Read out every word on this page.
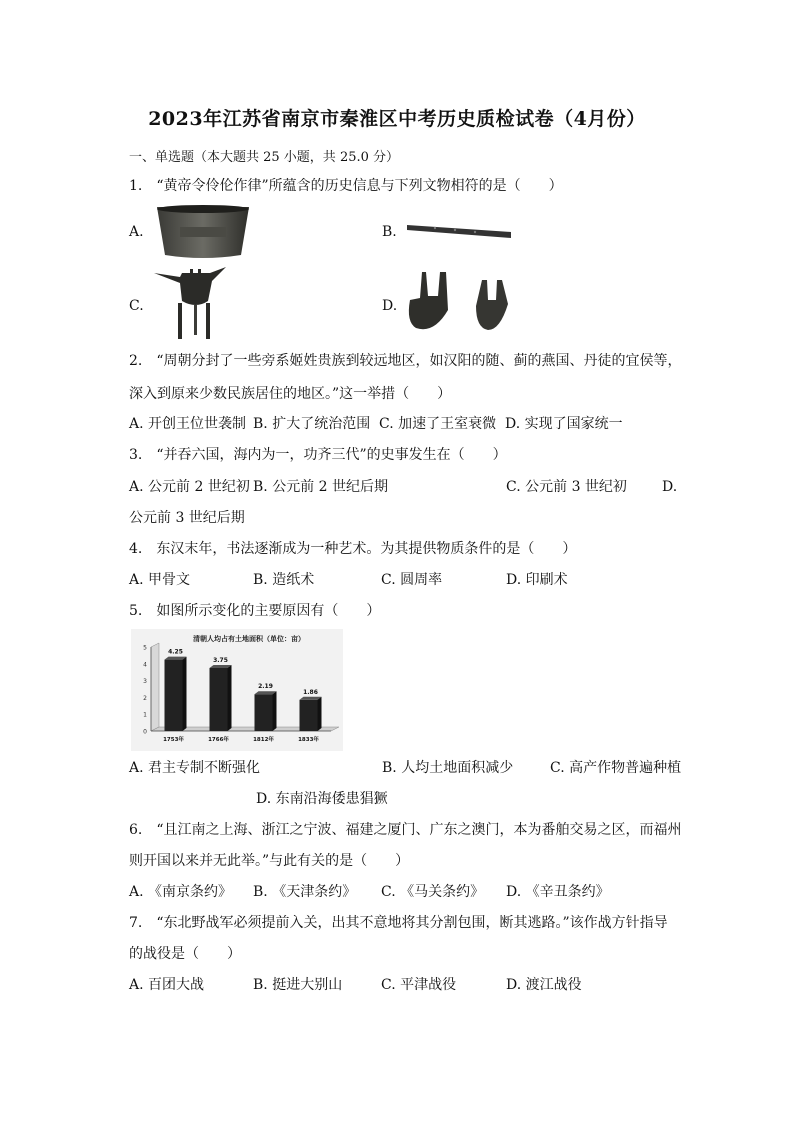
2023年江苏省南京市秦淮区中考历史质检试卷（4月份）
一、单选题（本大题共 25 小题，共 25.0 分）
1.　“黄帝令伶伦作律”所蕴含的历史信息与下列文物相符的是（　　）
A.	B.
C.	D.
2.　“周朝分封了一些旁系姬姓贵族到较远地区，如汉阳的随、蓟的燕国、丹徒的宜侯等，
深入到原来少数民族居住的地区。”这一举措（　　）
A. 开创王位世袭制 B. 扩大了统治范围 C. 加速了王室衰微 D. 实现了国家统一
3.　“并吞六国，海内为一，功齐三代”的史事发生在（　　）
A. 公元前 2 世纪初 B. 公元前 2 世纪后期	C. 公元前 3 世纪初	D.
公元前 3 世纪后期
4.　东汉末年，书法逐渐成为一种艺术。为其提供物质条件的是（　　）
A. 甲骨文	B. 造纸术	C. 圆周率	D. 印刷术
5.　如图所示变化的主要原因有（　　）
清朝人均占有土地面积（单位：亩）
0
1
2
3
4
5
4.25
3.75
2.19
1.86
1753年	1766年	1812年	1833年
A. 君主专制不断强化	B. 人均土地面积减少	C. 高产作物普遍种植
D. 东南沿海倭患猖獗
6.　“且江南之上海、浙江之宁波、福建之厦门、广东之澳门，本为番舶交易之区，而福州
则开国以来并无此举。”与此有关的是（　　）
A. 《南京条约》 B. 《天津条约》 C. 《马关条约》 D. 《辛丑条约》
7.　“东北野战军必须提前入关，出其不意地将其分割包围，断其逃路。”该作战方针指导
的战役是（　　）
A. 百团大战	B. 挺进大别山	C. 平津战役	D. 渡江战役
